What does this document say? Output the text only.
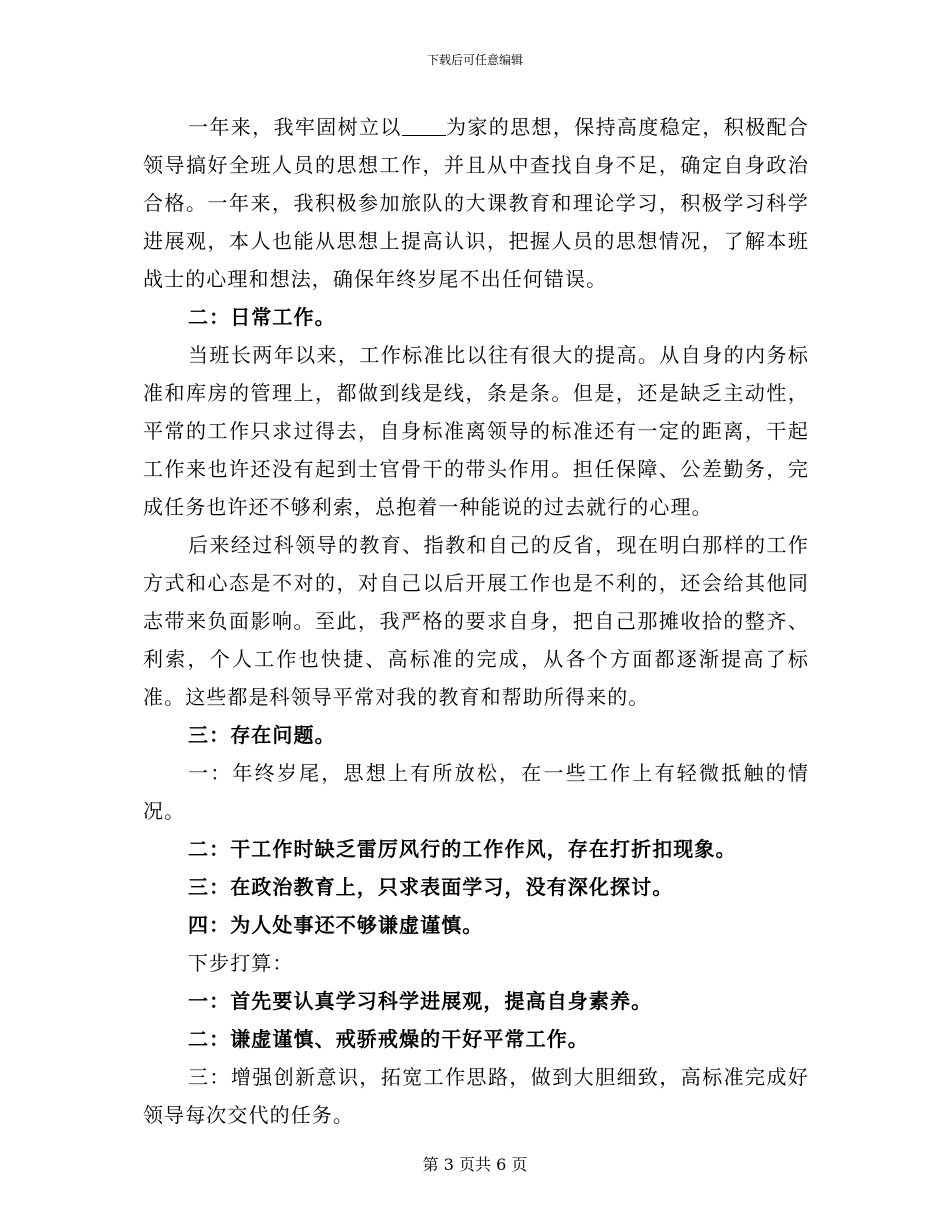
下载后可任意编辑

一年来，我牢固树立以 为家的思想，保持高度稳定，积极配合领导搞好全班人员的思想工作，并且从中查找自身不足，确定自身政治合格。一年来，我积极参加旅队的大课教育和理论学习，积极学习科学进展观，本人也能从思想上提高认识，把握人员的思想情况，了解本班战士的心理和想法，确保年终岁尾不出任何错误。

二：日常工作。

当班长两年以来，工作标准比以往有很大的提高。从自身的内务标准和库房的管理上，都做到线是线，条是条。但是，还是缺乏主动性，平常的工作只求过得去，自身标准离领导的标准还有一定的距离，干起工作来也许还没有起到士官骨干的带头作用。担任保障、公差勤务，完成任务也许还不够利索，总抱着一种能说的过去就行的心理。

后来经过科领导的教育、指教和自己的反省，现在明白那样的工作方式和心态是不对的，对自己以后开展工作也是不利的，还会给其他同志带来负面影响。至此，我严格的要求自身，把自己那摊收拾的整齐、利索，个人工作也快捷、高标准的完成，从各个方面都逐渐提高了标准。这些都是科领导平常对我的教育和帮助所得来的。

三：存在问题。

一：年终岁尾，思想上有所放松，在一些工作上有轻微抵触的情况。

二：干工作时缺乏雷厉风行的工作作风，存在打折扣现象。

三：在政治教育上，只求表面学习，没有深化探讨。

四：为人处事还不够谦虚谨慎。

下步打算：

一：首先要认真学习科学进展观，提高自身素养。

二：谦虚谨慎、戒骄戒燥的干好平常工作。

三：增强创新意识，拓宽工作思路，做到大胆细致，高标准完成好领导每次交代的任务。

第 3 页共 6 页
